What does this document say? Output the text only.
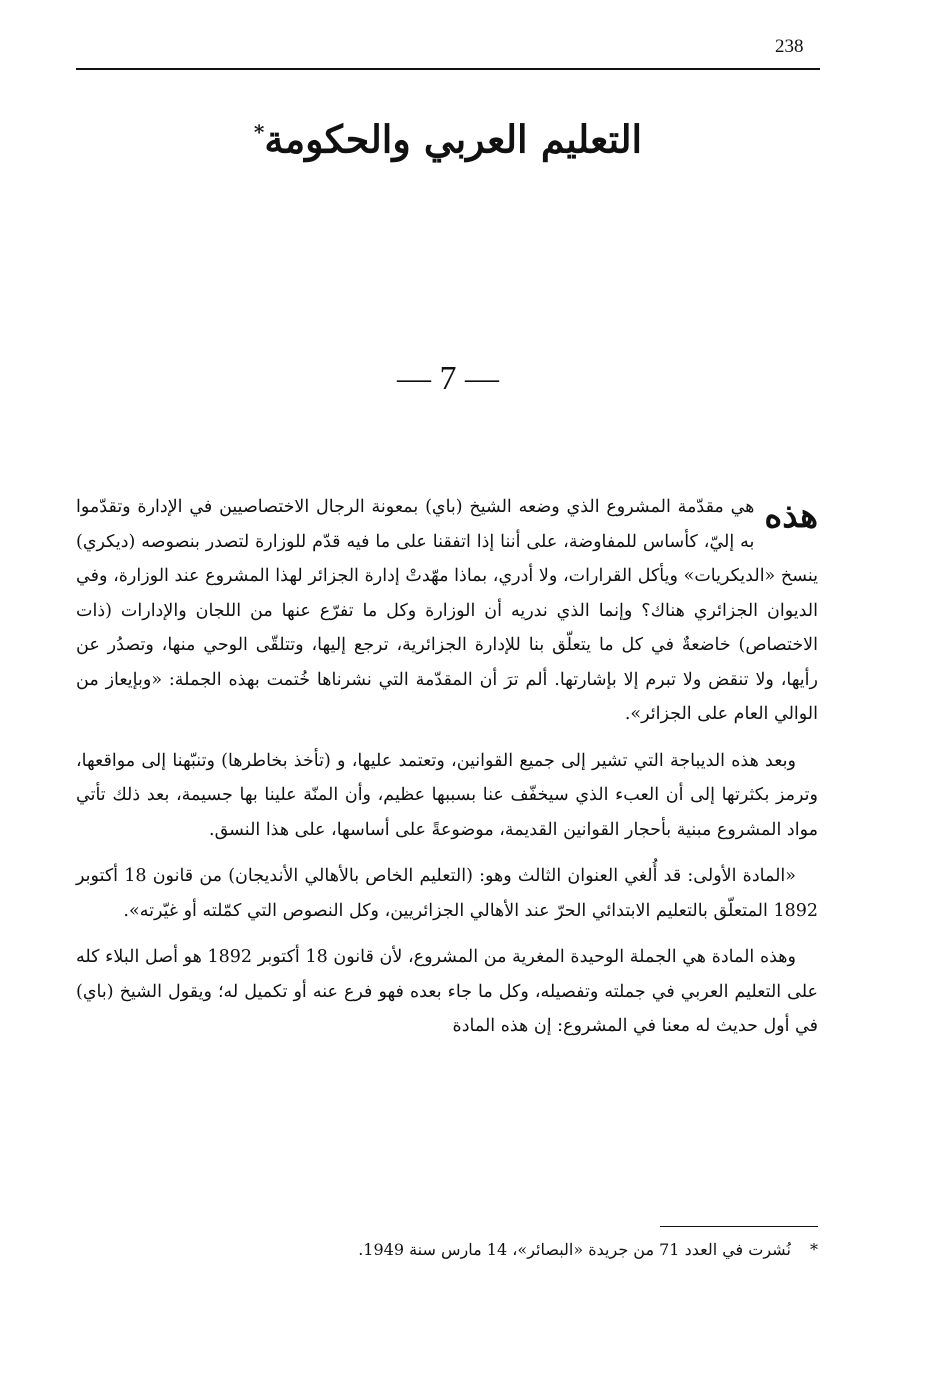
238
التعليم العربي والحكومة*
— 7 —

هذه
هي مقدّمة المشروع الذي وضعه الشيخ (باي) بمعونة الرجال الاختصاصيين في الإدارة وتقدّموا به إليّ، كأساس للمفاوضة، على أننا إذا اتفقنا على ما فيه قدّم للوزارة لتصدر بنصوصه (ديكري) ينسخ «الديكريات» ويأكل القرارات، ولا أدري، بماذا مهّدتْ إدارة الجزائر لهذا المشروع عند الوزارة، وفي الديوان الجزائري هناك؟ وإنما الذي ندريه أن الوزارة وكل ما تفرّع عنها من اللجان والإدارات (ذات الاختصاص) خاضعةٌ في كل ما يتعلّق بنا للإدارة الجزائرية، ترجع إليها، وتتلقّى الوحي منها، وتصدُر عن رأيها، ولا تنقض ولا تبرم إلا بإشارتها. ألم ترَ أن المقدّمة التي نشرناها خُتمت بهذه الجملة: «وبإيعاز من الوالي العام على الجزائر».

وبعد هذه الديباجة التي تشير إلى جميع القوانين، وتعتمد عليها، و (تأخذ بخاطرها) وتنبّهنا إلى مواقعها، وترمز بكثرتها إلى أن العبء الذي سيخفّف عنا بسببها عظيم، وأن المنّة علينا بها جسيمة، بعد ذلك تأتي مواد المشروع مبنية بأحجار القوانين القديمة، موضوعةً على أساسها، على هذا النسق.

«المادة الأولى: قد أُلغي العنوان الثالث وهو: (التعليم الخاص بالأهالي الأنديجان) من قانون 18 أكتوبر 1892 المتعلّق بالتعليم الابتدائي الحرّ عند الأهالي الجزائريين، وكل النصوص التي كمّلته أو غيّرته».

وهذه المادة هي الجملة الوحيدة المغرية من المشروع، لأن قانون 18 أكتوبر 1892 هو أصل البلاء كله على التعليم العربي في جملته وتفصيله، وكل ما جاء بعده فهو فرع عنه أو تكميل له؛ ويقول الشيخ (باي) في أول حديث له معنا في المشروع: إن هذه المادة

* نُشرت في العدد 71 من جريدة «البصائر»، 14 مارس سنة 1949.
